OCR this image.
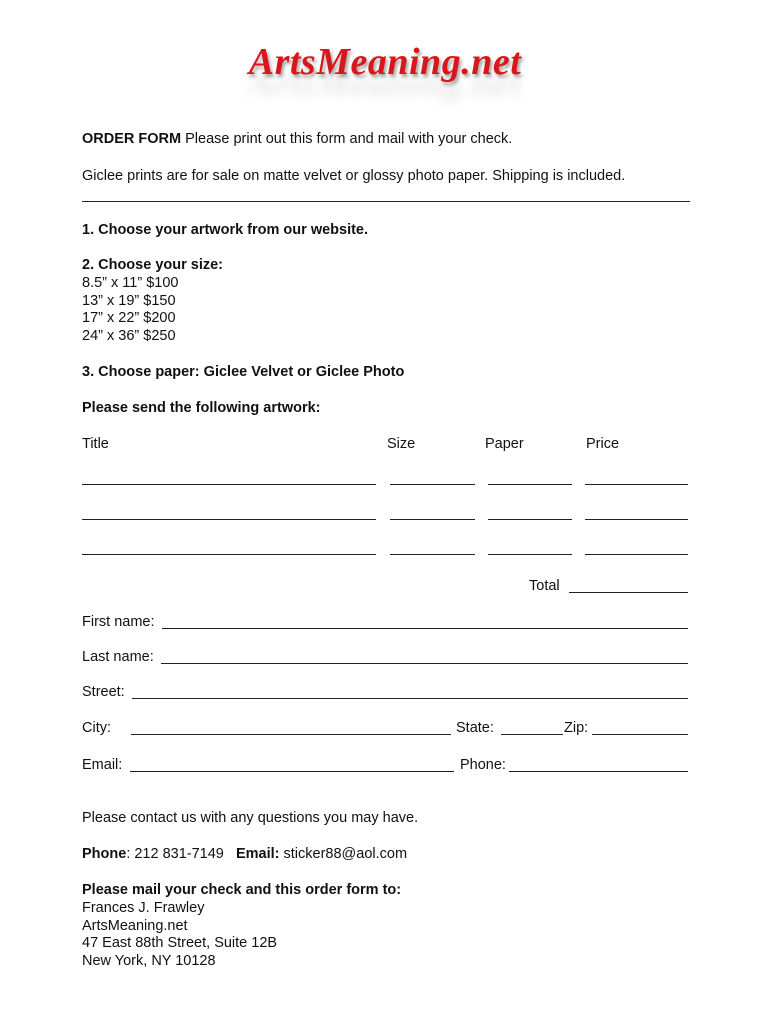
ArtsMeaning.net
ORDER FORM Please print out this form and mail with your check.
Giclee prints are for sale on matte velvet or glossy photo paper. Shipping is included.
1. Choose your artwork from our website.
2. Choose your size:
8.5” x 11” $100
13” x 19” $150
17” x 22” $200
24” x 36” $250
3. Choose paper: Giclee Velvet or Giclee Photo
Please send the following artwork:
Title	Size	Paper	Price
Total
First name:
Last name:
Street:
City:	State:	Zip:
Email:	Phone:
Please contact us with any questions you may have.
Phone: 212 831-7149 Email: sticker88@aol.com
Please mail your check and this order form to:
Frances J. Frawley
ArtsMeaning.net
47 East 88th Street, Suite 12B
New York, NY 10128
